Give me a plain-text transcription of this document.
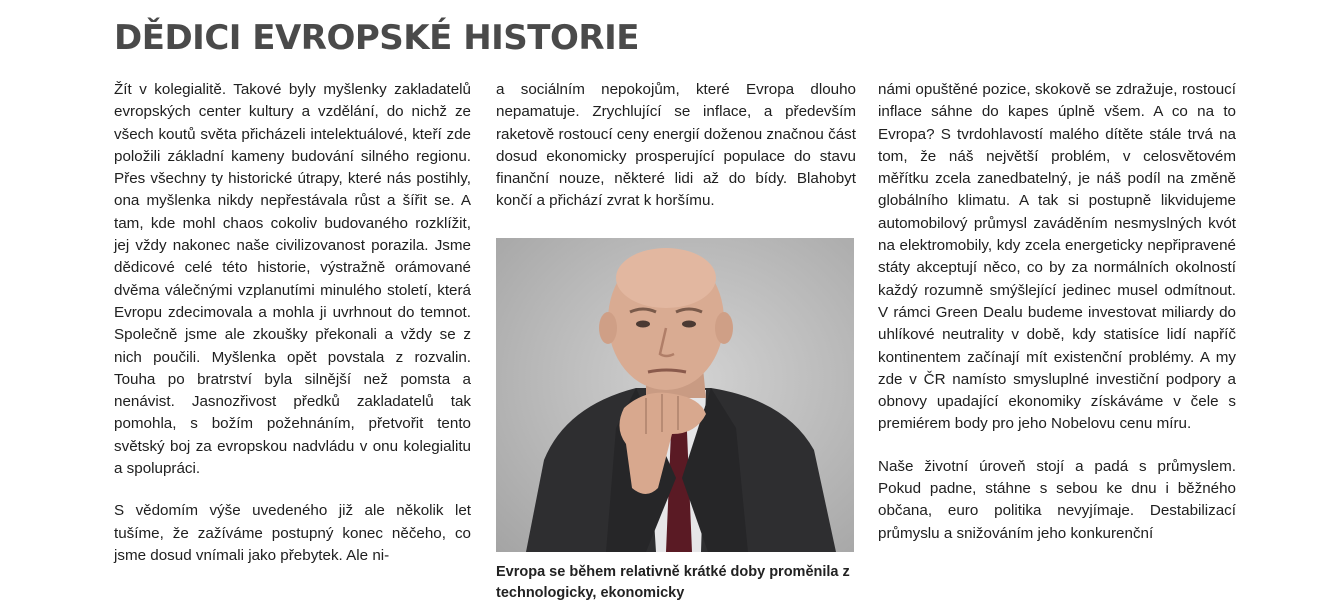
DĚDICI EVROPSKÉ HISTORIE

Žít v kolegialitě. Takové byly myšlenky zakladatelů evropských center kultury a vzdělání, do nichž ze všech koutů světa přicházeli intelektuálové, kteří zde položili základní kameny budování silného regionu. Přes všechny ty historické útrapy, které nás postihly, ona myšlenka nikdy nepřestávala růst a šířit se. A tam, kde mohl chaos cokoliv budovaného rozklížit, jej vždy nakonec naše civilizovanost porazila. Jsme dědicové celé této historie, výstražně orámované dvěma válečnými vzplanutími minulého století, která Evropu zdecimovala a mohla ji uvrhnout do temnot. Společně jsme ale zkoušky překonali a vždy se z nich poučili. Myšlenka opět povstala z rozvalin. Touha po bratrství byla silnější než pomsta a nenávist. Jasnozřivost předků zakladatelů tak pomohla, s božím požehnáním, přetvořit tento světský boj za evropskou nadvládu v onu kolegialitu a spolupráci.

S vědomím výše uvedeného již ale několik let tušíme, že zažíváme postupný konec něčeho, co jsme dosud vnímali jako přebytek. Ale ni-

a sociálním nepokojům, které Evropa dlouho nepamatuje. Zrychlující se inflace, a především raketově rostoucí ceny energií doženou značnou část dosud ekonomicky prosperující populace do stavu finanční nouze, některé lidi až do bídy. Blahobyt končí a přichází zvrat k horšímu.

Evropa se během relativně krátké doby proměnila z technologicky, ekonomicky

námi opuštěné pozice, skokově se zdražuje, rostoucí inflace sáhne do kapes úplně všem. A co na to Evropa? S tvrdohlavostí malého dítěte stále trvá na tom, že náš největší problém, v celosvětovém měřítku zcela zanedbatelný, je náš podíl na změně globálního klimatu. A tak si postupně likvidujeme automobilový průmysl zaváděním nesmyslných kvót na elektromobily, kdy zcela energeticky nepřipravené státy akceptují něco, co by za normálních okolností každý rozumně smýšlející jedinec musel odmítnout. V rámci Green Dealu budeme investovat miliardy do uhlíkové neutrality v době, kdy statisíce lidí napříč kontinentem začínají mít existenční problémy. A my zde v ČR namísto smysluplné investiční podpory a obnovy upadající ekonomiky získáváme v čele s premiérem body pro jeho Nobelovu cenu míru.

Naše životní úroveň stojí a padá s průmyslem. Pokud padne, stáhne s sebou ke dnu i běžného občana, euro politika nevyjímaje. Destabilizací průmyslu a snižováním jeho konkurenční
